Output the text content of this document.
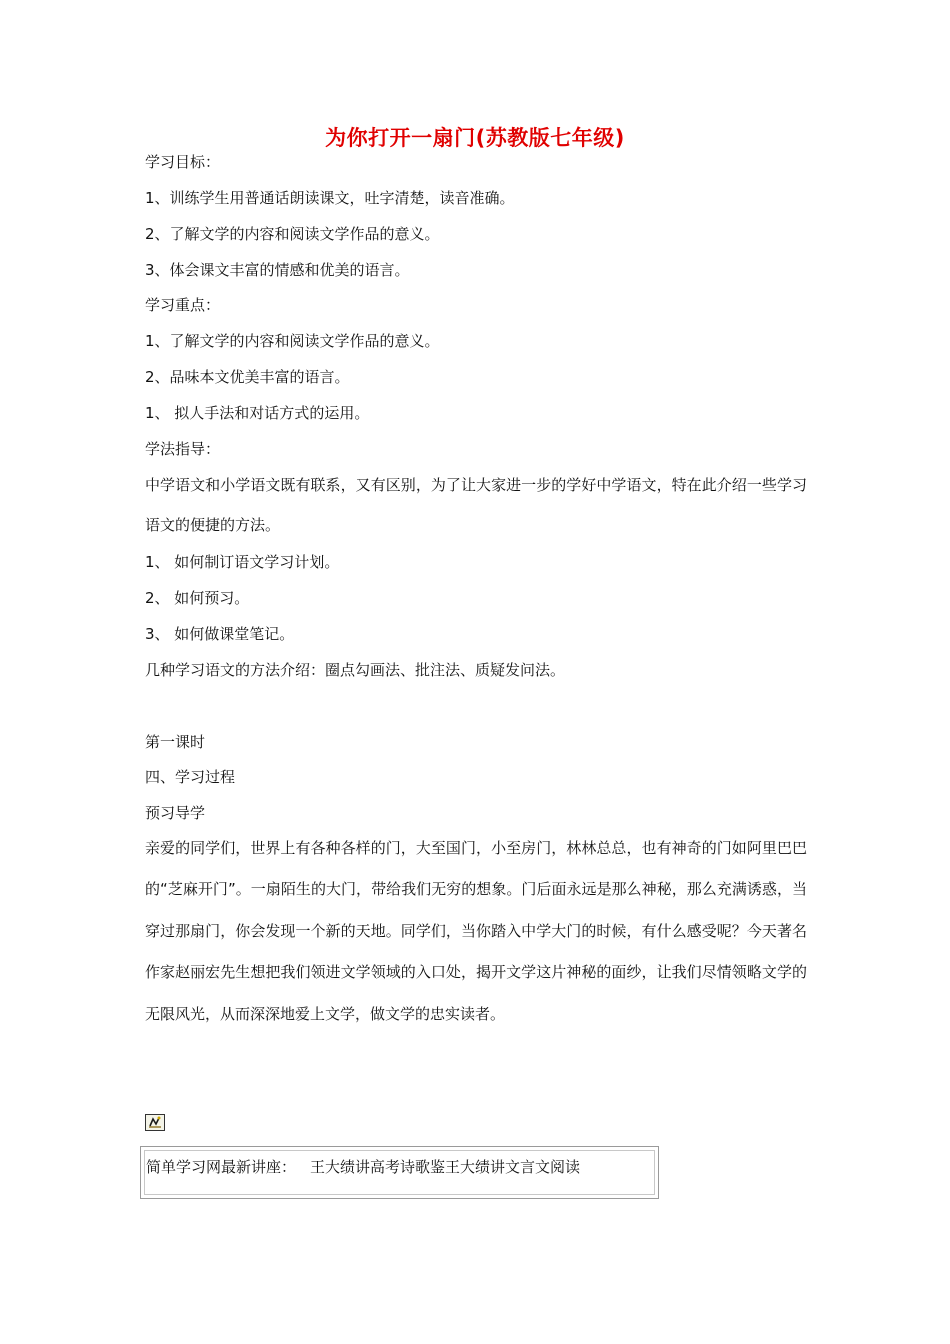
为你打开一扇门(苏教版七年级)
学习目标：
1、训练学生用普通话朗读课文，吐字清楚，读音准确。
2、了解文学的内容和阅读文学作品的意义。
3、体会课文丰富的情感和优美的语言。
学习重点：
1、了解文学的内容和阅读文学作品的意义。
2、品味本文优美丰富的语言。
1、 拟人手法和对话方式的运用。
学法指导：
中学语文和小学语文既有联系，又有区别，为了让大家进一步的学好中学语文，特在此介绍一些学习语文的便捷的方法。
1、 如何制订语文学习计划。
2、 如何预习。
3、 如何做课堂笔记。
几种学习语文的方法介绍：圈点勾画法、批注法、质疑发问法。
第一课时
四、学习过程
预习导学
亲爱的同学们，世界上有各种各样的门，大至国门，小至房门，林林总总，也有神奇的门如阿里巴巴的“芝麻开门”。一扇陌生的大门，带给我们无穷的想象。门后面永远是那么神秘，那么充满诱惑，当穿过那扇门，你会发现一个新的天地。同学们，当你踏入中学大门的时候，有什么感受呢？今天著名作家赵丽宏先生想把我们领进文学领域的入口处，揭开文学这片神秘的面纱，让我们尽情领略文学的无限风光，从而深深地爱上文学，做文学的忠实读者。
简单学习网最新讲座： 王大绩讲高考诗歌鉴王大绩讲文言文阅读
